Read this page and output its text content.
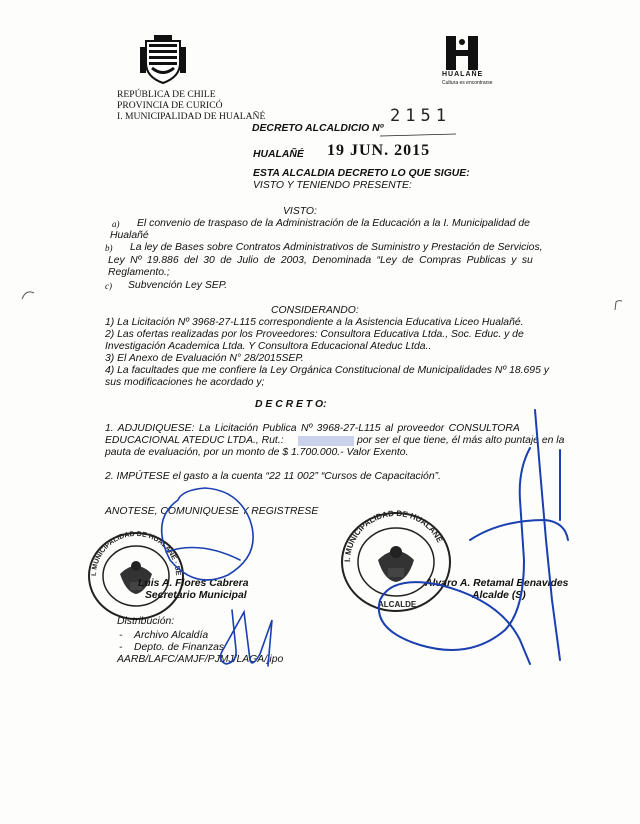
REPÚBLICA DE CHILE
PROVINCIA DE CURICÓ
I. MUNICIPALIDAD DE HUALAÑÉ
HUALAÑE
Cultura es encontrarse
DECRETO ALCALDICIO Nº
2151
HUALAÑÉ 19 JUN. 2015
ESTA ALCALDIA DECRETO LO QUE SIGUE:
VISTO Y TENIENDO PRESENTE:
VISTO:
a) El convenio de traspaso de la Administración de la Educación a la I. Municipalidad de
Hualañé
b) La ley de Bases sobre Contratos Administrativos de Suministro y Prestación de Servicios,
Ley Nº 19.886 del 30 de Julio de 2003, Denominada “Ley de Compras Publicas y su
Reglamento.;
c) Subvención Ley SEP.
CONSIDERANDO:
1) La Licitación Nº 3968-27-L115 correspondiente a la Asistencia Educativa Liceo Hualañé.
2) Las ofertas realizadas por los Proveedores: Consultora Educativa Ltda., Soc. Educ. y de
Investigación Academica Ltda. Y Consultora Educacional Ateduc Ltda..
3) El Anexo de Evaluación N° 28/2015SEP.
4) La facultades que me confiere la Ley Orgánica Constitucional de Municipalidades Nº 18.695 y
sus modificaciones he acordado y;
D E C R E T O:
1. ADJUDIQUESE: La Licitación Publica Nº 3968-27-L115 al proveedor CONSULTORA
EDUCACIONAL ATEDUC LTDA., Rut.:	por ser el que tiene, él más alto puntaje en la
pauta de evaluación, por un monto de $ 1.700.000.- Valor Exento.
2. IMPÚTESE el gasto a la cuenta “22 11 002” “Cursos de Capacitación”.
ANOTESE, COMUNIQUESE Y REGISTRESE
I. MUNICIPALIDAD DE HUALAÑE · SECRETARIO
I. MUNICIPALIDAD DE HUALAÑE
ALCALDE
Luis A. Flores Cabrera
Secretario Municipal
Alvaro A. Retamal Benavides
Alcalde (S)
Distribución:
-    Archivo Alcaldía
-    Depto. de Finanzas
AARB/LAFC/AMJF/PJMJ/LAGA/jipo
